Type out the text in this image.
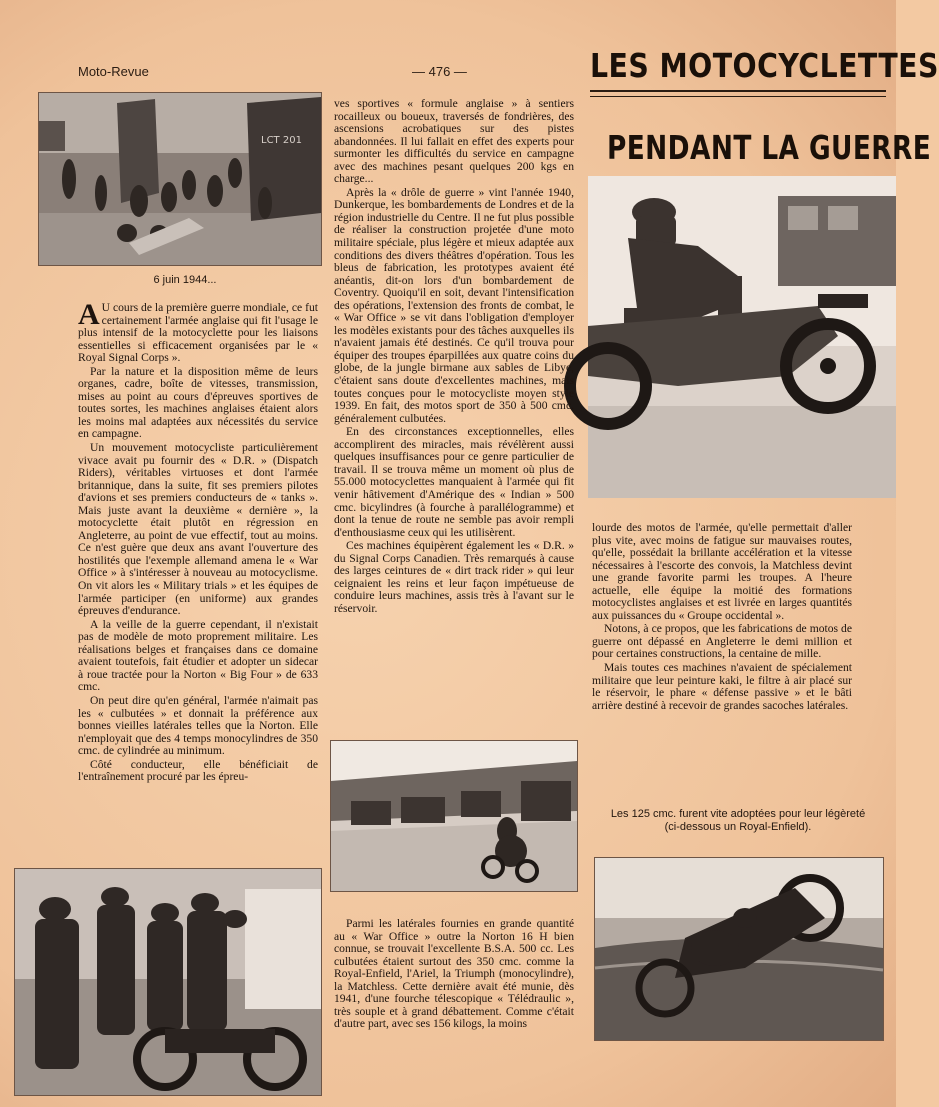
Moto-Revue	— 476 —	LES MOTOCYCLETTES
PENDANT LA GUERRE
LCT 201
6 juin 1944...

A U cours de la première guerre mondiale, ce fut certainement l'armée anglaise qui fit l'usage le plus intensif de la motocyclette pour les liaisons essentielles si efficacement organisées par le « Royal Signal Corps ».

Par la nature et la disposition même de leurs organes, cadre, boîte de vitesses, transmission, mises au point au cours d'épreuves sportives de toutes sortes, les machines anglaises étaient alors les moins mal adaptées aux nécessités du service en campagne.

Un mouvement motocycliste particulièrement vivace avait pu fournir des « D.R. » (Dispatch Riders), véritables virtuoses et dont l'armée britannique, dans la suite, fit ses premiers pilotes d'avions et ses premiers conducteurs de « tanks ». Mais juste avant la deuxième « dernière », la motocyclette était plutôt en régression en Angleterre, au point de vue effectif, tout au moins. Ce n'est guère que deux ans avant l'ouverture des hostilités que l'exemple allemand amena le « War Office » à s'intéresser à nouveau au motocyclisme. On vit alors les « Military trials » et les équipes de l'armée participer (en uniforme) aux grandes épreuves d'endurance.

A la veille de la guerre cependant, il n'existait pas de modèle de moto proprement militaire. Les réalisations belges et françaises dans ce domaine avaient toutefois, fait étudier et adopter un sidecar à roue tractée pour la Norton « Big Four » de 633 cmc.

On peut dire qu'en général, l'armée n'aimait pas les « culbutées » et donnait la préférence aux bonnes vieilles latérales telles que la Norton. Elle n'employait que des 4 temps monocylindres de 350 cmc. de cylindrée au minimum.

Côté conducteur, elle bénéficiait de l'entraînement procuré par les épreu-

ves sportives « formule anglaise » à sentiers rocailleux ou boueux, traversés de fondrières, des ascensions acrobatiques sur des pistes abandonnées. Il lui fallait en effet des experts pour surmonter les difficultés du service en campagne avec des machines pesant quelques 200 kgs en charge...

Après la « drôle de guerre » vint l'année 1940, Dunkerque, les bombardements de Londres et de la région industrielle du Centre. Il ne fut plus possible de réaliser la construction projetée d'une moto militaire spéciale, plus légère et mieux adaptée aux conditions des divers théâtres d'opération. Tous les bleus de fabrication, les prototypes avaient été anéantis, dit-on lors d'un bombardement de Coventry. Quoiqu'il en soit, devant l'intensification des opérations, l'extension des fronts de combat, le « War Office » se vit dans l'obligation d'employer les modèles existants pour des tâches auxquelles ils n'avaient jamais été destinés. Ce qu'il trouva pour équiper des troupes éparpillées aux quatre coins du globe, de la jungle birmane aux sables de Libye, c'étaient sans doute d'excellentes machines, mais toutes conçues pour le motocycliste moyen style 1939. En fait, des motos sport de 350 à 500 cmc. généralement culbutées.

En des circonstances exceptionnelles, elles accomplirent des miracles, mais révélèrent aussi quelques insuffisances pour ce genre particulier de travail. Il se trouva même un moment où plus de 55.000 motocyclettes manquaient à l'armée qui fit venir hâtivement d'Amérique des « Indian » 500 cmc. bicylindres (à fourche à parallélogramme) et dont la tenue de route ne semble pas avoir rempli d'enthousiasme ceux qui les utilisèrent.

Ces machines équipèrent également les « D.R. » du Signal Corps Canadien. Très remarqués à cause des larges ceintures de « dirt track rider » qui leur ceignaient les reins et leur façon impétueuse de conduire leurs machines, assis très à l'avant sur le réservoir.

lourde des motos de l'armée, qu'elle permettait d'aller plus vite, avec moins de fatigue sur mauvaises routes, qu'elle, possédait la brillante accélération et la vitesse nécessaires à l'escorte des convois, la Matchless devint une grande favorite parmi les troupes. A l'heure actuelle, elle équipe la moitié des formations motocyclistes anglaises et est livrée en larges quantités aux puissances du « Groupe occidental ».

Notons, à ce propos, que les fabrications de motos de guerre ont dépassé en Angleterre le demi million et pour certaines constructions, la centaine de mille.

Mais toutes ces machines n'avaient de spécialement militaire que leur peinture kaki, le filtre à air placé sur le réservoir, le phare « défense passive » et le bâti arrière destiné à recevoir de grandes sacoches latérales.

Les 125 cmc. furent vite adoptées pour leur légèreté (ci-dessous un Royal-Enfield).

Parmi les latérales fournies en grande quantité au « War Office » outre la Norton 16 H bien connue, se trouvait l'excellente B.S.A. 500 cc. Les culbutées étaient surtout des 350 cmc. comme la Royal-Enfield, l'Ariel, la Triumph (monocylindre), la Matchless. Cette dernière avait été munie, dès 1941, d'une fourche télescopique « Télédraulic », très souple et à grand débattement. Comme c'était d'autre part, avec ses 156 kilogs, la moins
